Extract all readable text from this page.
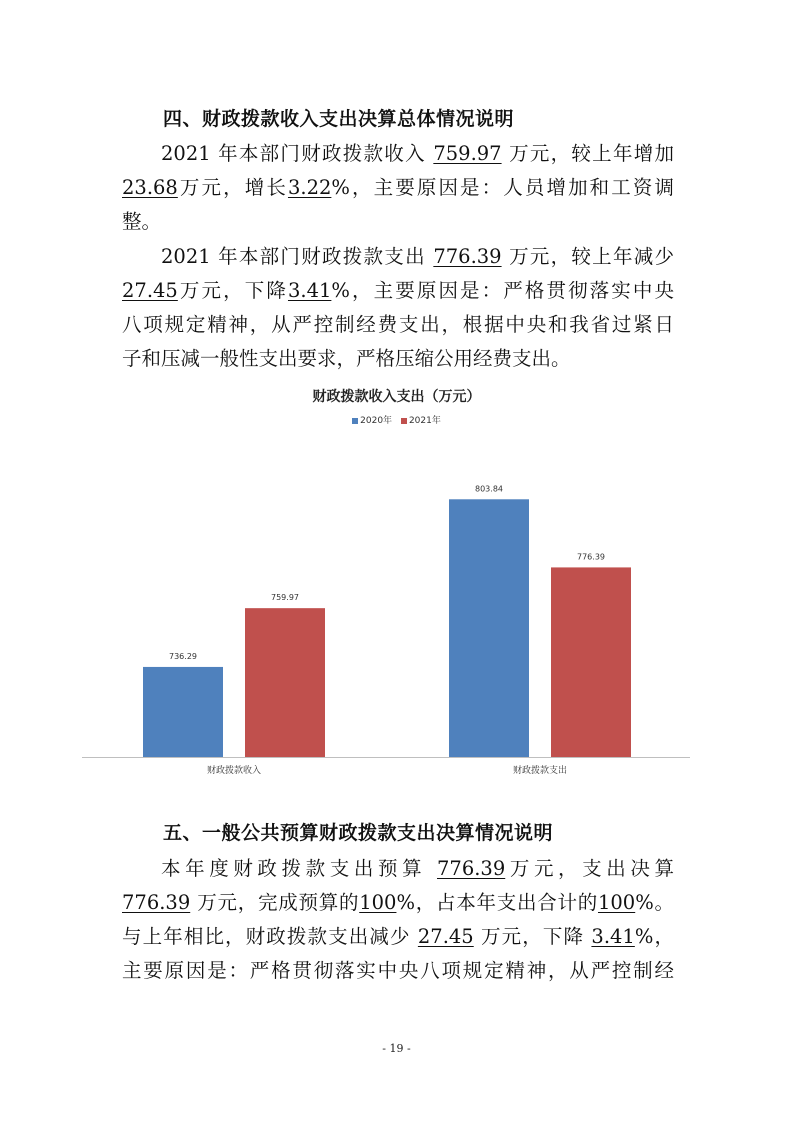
四、财政拨款收入支出决算总体情况说明
2021 年本部门财政拨款收入 759.97 万元，较上年增加
23.68万元，增长3.22%，主要原因是：人员增加和工资调
整。
2021 年本部门财政拨款支出 776.39 万元，较上年减少
27.45万元，下降3.41%，主要原因是：严格贯彻落实中央
八项规定精神，从严控制经费支出，根据中央和我省过紧日
子和压减一般性支出要求，严格压缩公用经费支出。
财政拨款收入支出（万元）
2020年 2021年
736.29
759.97
财政拨款收入
803.84
776.39
财政拨款支出
五、一般公共预算财政拨款支出决算情况说明
本年度财政拨款支出预算 776.39万元，支出决算
776.39 万元，完成预算的100%，占本年支出合计的100%。
与上年相比，财政拨款支出减少 27.45 万元，下降 3.41%，
主要原因是：严格贯彻落实中央八项规定精神，从严控制经
- 19 -
